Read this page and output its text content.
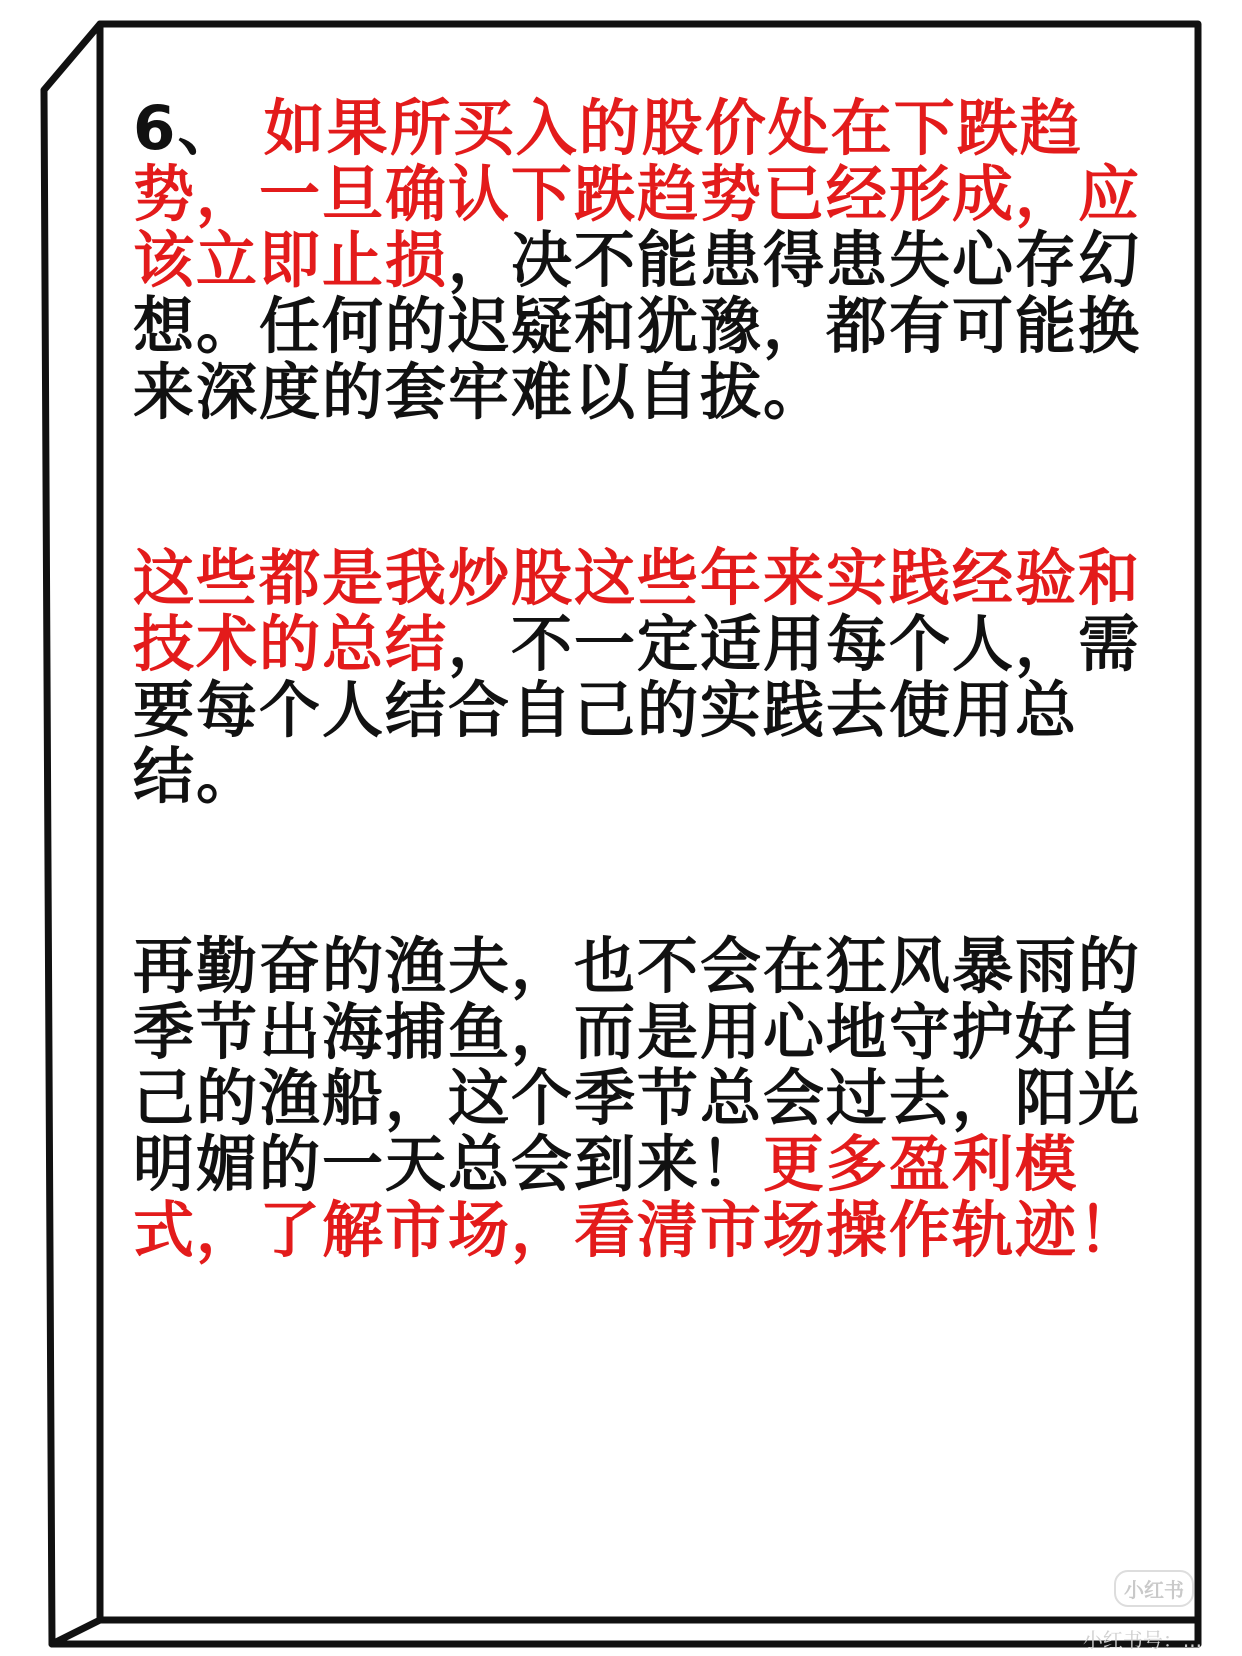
6、 如果所买入的股价处在下跌趋势，一旦确认下跌趋势已经形成，应该立即止损，决不能患得患失心存幻想。任何的迟疑和犹豫，都有可能换来深度的套牢难以自拔。

这些都是我炒股这些年来实践经验和技术的总结，不一定适用每个人，需要每个人结合自己的实践去使用总结。

再勤奋的渔夫，也不会在狂风暴雨的季节出海捕鱼，而是用心地守护好自己的渔船，这个季节总会过去，阳光明媚的一天总会到来！更多盈利模式，了解市场，看清市场操作轨迹！

小红书
小红书号：...
